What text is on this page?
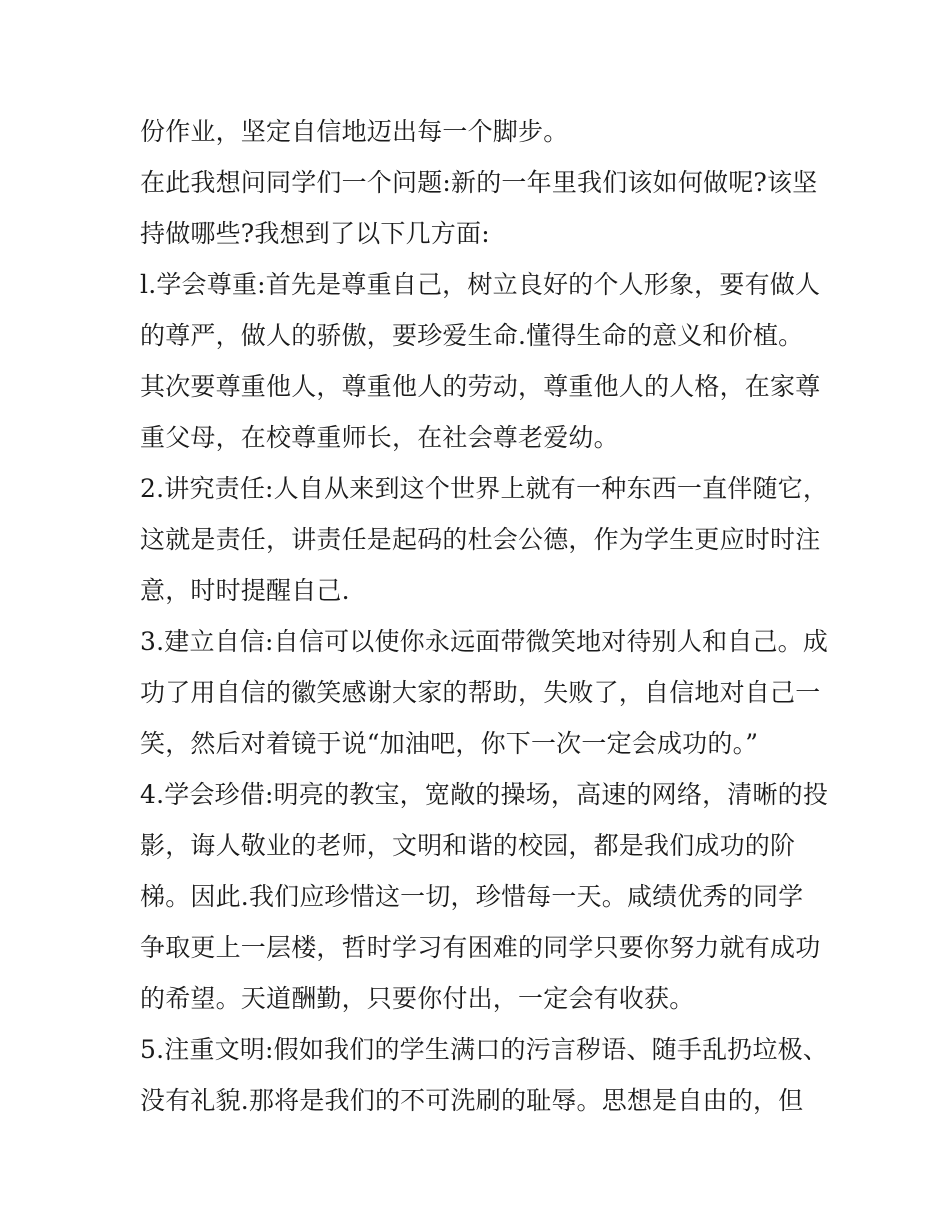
份作业，坚定自信地迈出每一个脚步。
在此我想问同学们一个问题:新的一年里我们该如何做呢?该坚
持做哪些?我想到了以下几方面:
l.学会尊重:首先是尊重自己，树立良好的个人形象，要有做人
的尊严，做人的骄傲，要珍爱生命.懂得生命的意义和价植。
其次要尊重他人，尊重他人的劳动，尊重他人的人格，在家尊
重父母，在校尊重师长，在社会尊老爱幼。
2.讲究责任:人自从来到这个世界上就有一种东西一直伴随它，
这就是责任，讲责任是起码的杜会公德，作为学生更应时时注
意，时时提醒自己.
3.建立自信:自信可以使你永远面带微笑地对待别人和自己。成
功了用自信的徽笑感谢大家的帮助，失败了，自信地对自己一
笑，然后对着镜于说“加油吧，你下一次一定会成功的。”
4.学会珍借:明亮的教宝，宽敞的操场，高速的网络，清晰的投
影，诲人敬业的老师，文明和谐的校园，都是我们成功的阶
梯。因此.我们应珍惜这一切，珍惜每一天。咸绩优秀的同学
争取更上一层楼，哲时学习有困难的同学只要你努力就有成功
的希望。天道酬勤，只要你付出，一定会有收获。
5.注重文明:假如我们的学生满口的污言秽语、随手乱扔垃极、
没有礼貌.那将是我们的不可洗刷的耻辱。思想是自由的，但
